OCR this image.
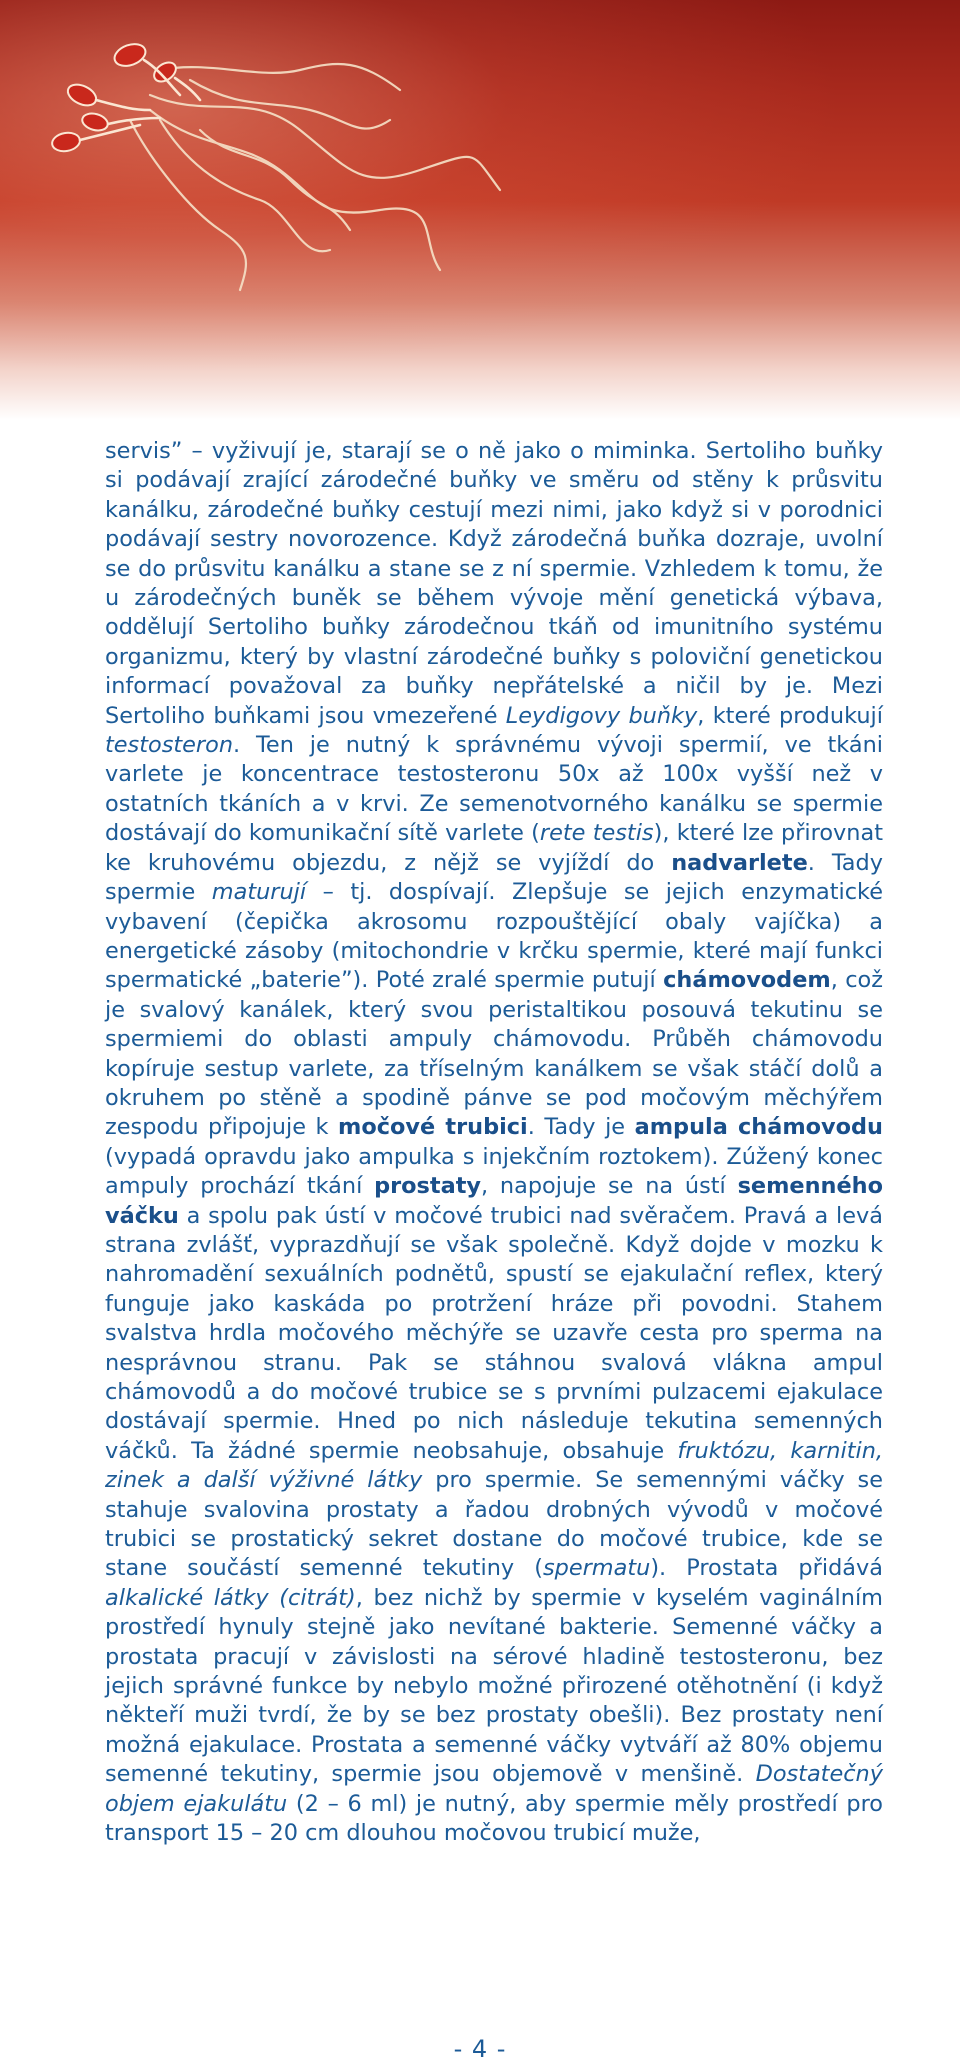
servis” – vyživují je, starají se o ně jako o miminka. Sertoliho buňky si podávají zrající zárodečné buňky ve směru od stěny k průsvitu kanálku, zárodečné buňky cestují mezi nimi, jako když si v porodnici podávají sestry novorozence. Když zárodečná buňka dozraje, uvolní se do průsvitu kanálku a stane se z ní spermie. Vzhledem k tomu, že u zárodečných buněk se během vývoje mění genetická výbava, oddělují Sertoliho buňky zárodečnou tkáň od imunitního systému organizmu, který by vlastní zárodečné buňky s poloviční genetickou informací považoval za buňky nepřátelské a ničil by je. Mezi Sertoliho buňkami jsou vmezeřené Leydigovy buňky, které produkují testosteron. Ten je nutný k správnému vývoji spermií, ve tkáni varlete je koncentrace testosteronu 50x až 100x vyšší než v ostatních tkáních a v krvi. Ze semenotvorného kanálku se spermie dostávají do komunikační sítě varlete (rete testis), které lze přirovnat ke kruhovému objezdu, z nějž se vyjíždí do nadvarlete. Tady spermie maturují – tj. dospívají. Zlepšuje se jejich enzymatické vybavení (čepička akrosomu rozpouštějící obaly vajíčka) a energetické zásoby (mitochondrie v krčku spermie, které mají funkci spermatické „baterie”). Poté zralé spermie putují chámovodem, což je svalový kanálek, který svou peristaltikou posouvá tekutinu se spermiemi do oblasti ampuly chámovodu. Průběh chámovodu kopíruje sestup varlete, za tříselným kanálkem se však stáčí dolů a okruhem po stěně a spodině pánve se pod močovým měchýřem zespodu připojuje k močové trubici. Tady je ampula chámovodu (vypadá opravdu jako ampulka s injekčním roztokem). Zúžený konec ampuly prochází tkání prostaty, napojuje se na ústí semenného váčku a spolu pak ústí v močové trubici nad svěračem. Pravá a levá strana zvlášť, vyprazdňují se však společně. Když dojde v mozku k nahromadění sexuálních podnětů, spustí se ejakulační reflex, který funguje jako kaskáda po protržení hráze při povodni. Stahem svalstva hrdla močového měchýře se uzavře cesta pro sperma na nesprávnou stranu. Pak se stáhnou svalová vlákna ampul chámovodů a do močové trubice se s prvními pulzacemi ejakulace dostávají spermie. Hned po nich následuje tekutina semenných váčků. Ta žádné spermie neobsahuje, obsahuje fruktózu, karnitin, zinek a další výživné látky pro spermie. Se semennými váčky se stahuje svalovina prostaty a řadou drobných vývodů v močové trubici se prostatický sekret dostane do močové trubice, kde se stane součástí semenné tekutiny (spermatu). Prostata přidává alkalické látky (citrát), bez nichž by spermie v kyselém vaginálním prostředí hynuly stejně jako nevítané bakterie. Semenné váčky a prostata pracují v závislosti na sérové hladině testosteronu, bez jejich správné funkce by nebylo možné přirozené otěhotnění (i když někteří muži tvrdí, že by se bez prostaty obešli). Bez prostaty není možná ejakulace. Prostata a semenné váčky vytváří až 80% objemu semenné tekutiny, spermie jsou objemově v menšině. Dostatečný objem ejakulátu (2 – 6 ml) je nutný, aby spermie měly prostředí pro transport 15 – 20 cm dlouhou močovou trubicí muže,

- 4 -
